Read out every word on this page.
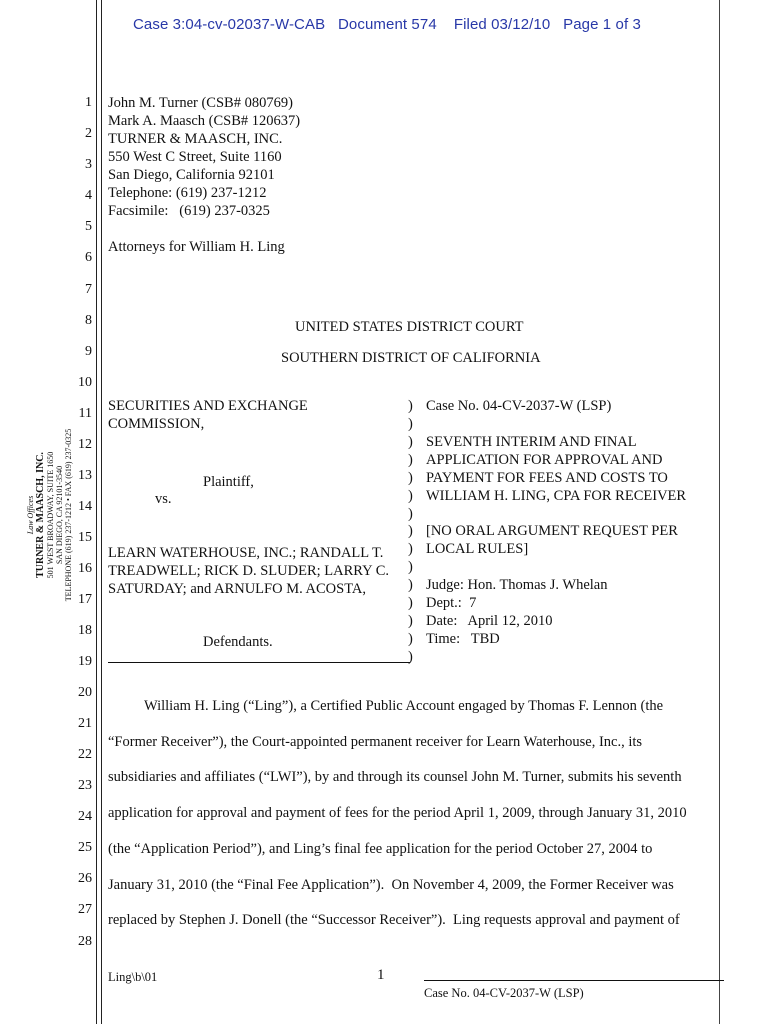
Case 3:04-cv-02037-W-CAB   Document 574    Filed 03/12/10   Page 1 of 3
1
2
3
4
5
6
7
8
9
10
11
12
13
14
15
16
17
18
19
20
21
22
23
24
25
26
27
28
John M. Turner (CSB# 080769)
Mark A. Maasch (CSB# 120637)
TURNER & MAASCH, INC.
550 West C Street, Suite 1160
San Diego, California 92101
Telephone: (619) 237-1212
Facsimile:   (619) 237-0325
Attorneys for William H. Ling
UNITED STATES DISTRICT COURT
SOUTHERN DISTRICT OF CALIFORNIA
SECURITIES AND EXCHANGE
COMMISSION,
Plaintiff,
vs.
LEARN WATERHOUSE, INC.; RANDALL T.
TREADWELL; RICK D. SLUDER; LARRY C.
SATURDAY; and ARNULFO M. ACOSTA,
Defendants.
)
)
)
)
)
)
)
)
)
)
)
)
)
)
)
Case No. 04-CV-2037-W (LSP)
SEVENTH INTERIM AND FINAL
APPLICATION FOR APPROVAL AND
PAYMENT FOR FEES AND COSTS TO
WILLIAM H. LING, CPA FOR RECEIVER
[NO ORAL ARGUMENT REQUEST PER
LOCAL RULES]
Judge: Hon. Thomas J. Whelan
Dept.:  7
Date:   April 12, 2010
Time:   TBD
William H. Ling (“Ling”), a Certified Public Account engaged by Thomas F. Lennon (the
“Former Receiver”), the Court-appointed permanent receiver for Learn Waterhouse, Inc., its
subsidiaries and affiliates (“LWI”), by and through its counsel John M. Turner, submits his seventh
application for approval and payment of fees for the period April 1, 2009, through January 31, 2010
(the “Application Period”), and Ling’s final fee application for the period October 27, 2004 to
January 31, 2010 (the “Final Fee Application”).  On November 4, 2009, the Former Receiver was
replaced by Stephen J. Donell (the “Successor Receiver”).  Ling requests approval and payment of
Law Offices TURNER & MAASCH, INC. 501 WEST BROADWAY, SUITE 1650 SAN DIEGO, CA 92101-3540 TELEPHONE (619) 237-1212 • FAX (619) 237-0325
Ling\b\01	1
Case No. 04-CV-2037-W (LSP)
